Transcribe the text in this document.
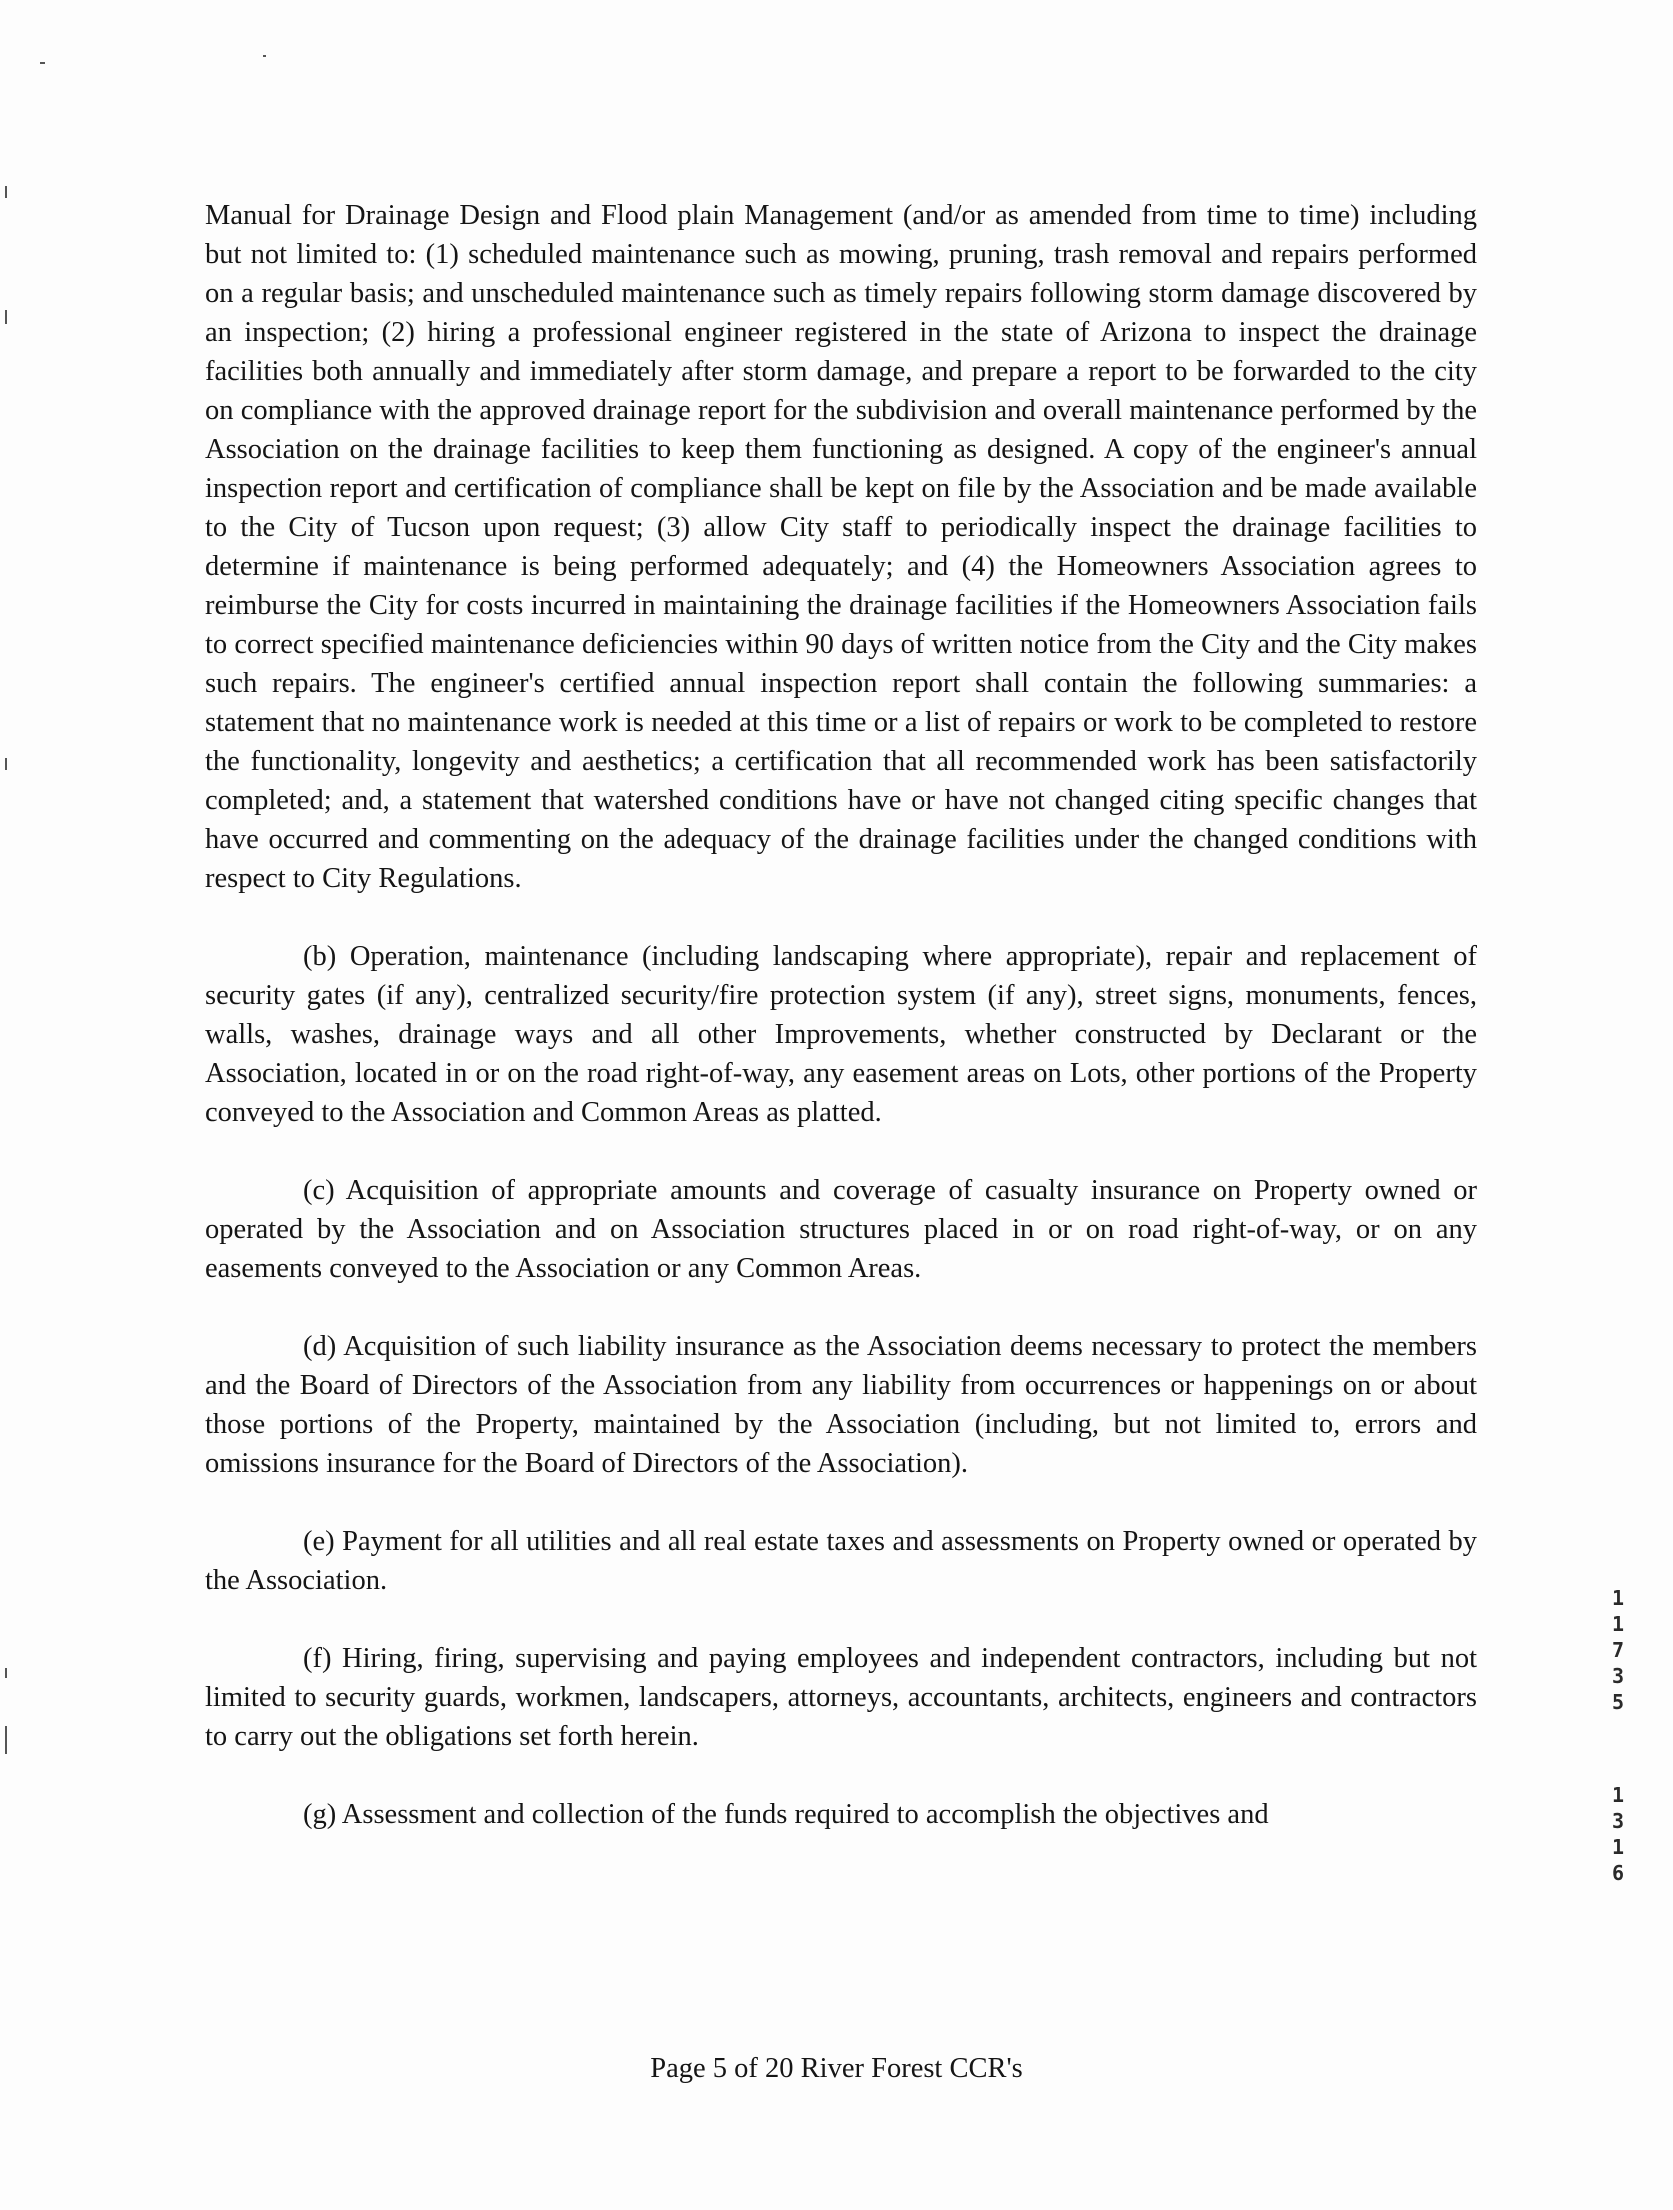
Manual for Drainage Design and Flood plain Management (and/or as amended from time to time) including but not limited to: (1) scheduled maintenance such as mowing, pruning, trash removal and repairs performed on a regular basis; and unscheduled maintenance such as timely repairs following storm damage discovered by an inspection; (2) hiring a professional engineer registered in the state of Arizona to inspect the drainage facilities both annually and immediately after storm damage, and prepare a report to be forwarded to the city on compliance with the approved drainage report for the subdivision and overall maintenance performed by the Association on the drainage facilities to keep them functioning as designed. A copy of the engineer's annual inspection report and certification of compliance shall be kept on file by the Association and be made available to the City of Tucson upon request; (3) allow City staff to periodically inspect the drainage facilities to determine if maintenance is being performed adequately; and (4) the Homeowners Association agrees to reimburse the City for costs incurred in maintaining the drainage facilities if the Homeowners Association fails to correct specified maintenance deficiencies within 90 days of written notice from the City and the City makes such repairs. The engineer's certified annual inspection report shall contain the following summaries: a statement that no maintenance work is needed at this time or a list of repairs or work to be completed to restore the functionality, longevity and aesthetics; a certification that all recommended work has been satisfactorily completed; and, a statement that watershed conditions have or have not changed citing specific changes that have occurred and commenting on the adequacy of the drainage facilities under the changed conditions with respect to City Regulations.

(b) Operation, maintenance (including landscaping where appropriate), repair and replacement of security gates (if any), centralized security/fire protection system (if any), street signs, monuments, fences, walls, washes, drainage ways and all other Improvements, whether constructed by Declarant or the Association, located in or on the road right-of-way, any easement areas on Lots, other portions of the Property conveyed to the Association and Common Areas as platted.

(c) Acquisition of appropriate amounts and coverage of casualty insurance on Property owned or operated by the Association and on Association structures placed in or on road right-of-way, or on any easements conveyed to the Association or any Common Areas.

(d) Acquisition of such liability insurance as the Association deems necessary to protect the members and the Board of Directors of the Association from any liability from occurrences or happenings on or about those portions of the Property, maintained by the Association (including, but not limited to, errors and omissions insurance for the Board of Directors of the Association).

(e) Payment for all utilities and all real estate taxes and assessments on Property owned or operated by the Association.

(f) Hiring, firing, supervising and paying employees and independent contractors, including but not limited to security guards, workmen, landscapers, attorneys, accountants, architects, engineers and contractors to carry out the obligations set forth herein.

(g) Assessment and collection of the funds required to accomplish the objectives and

1
1
7
3
5
1
3
1
6
Page 5 of 20 River Forest CCR's
